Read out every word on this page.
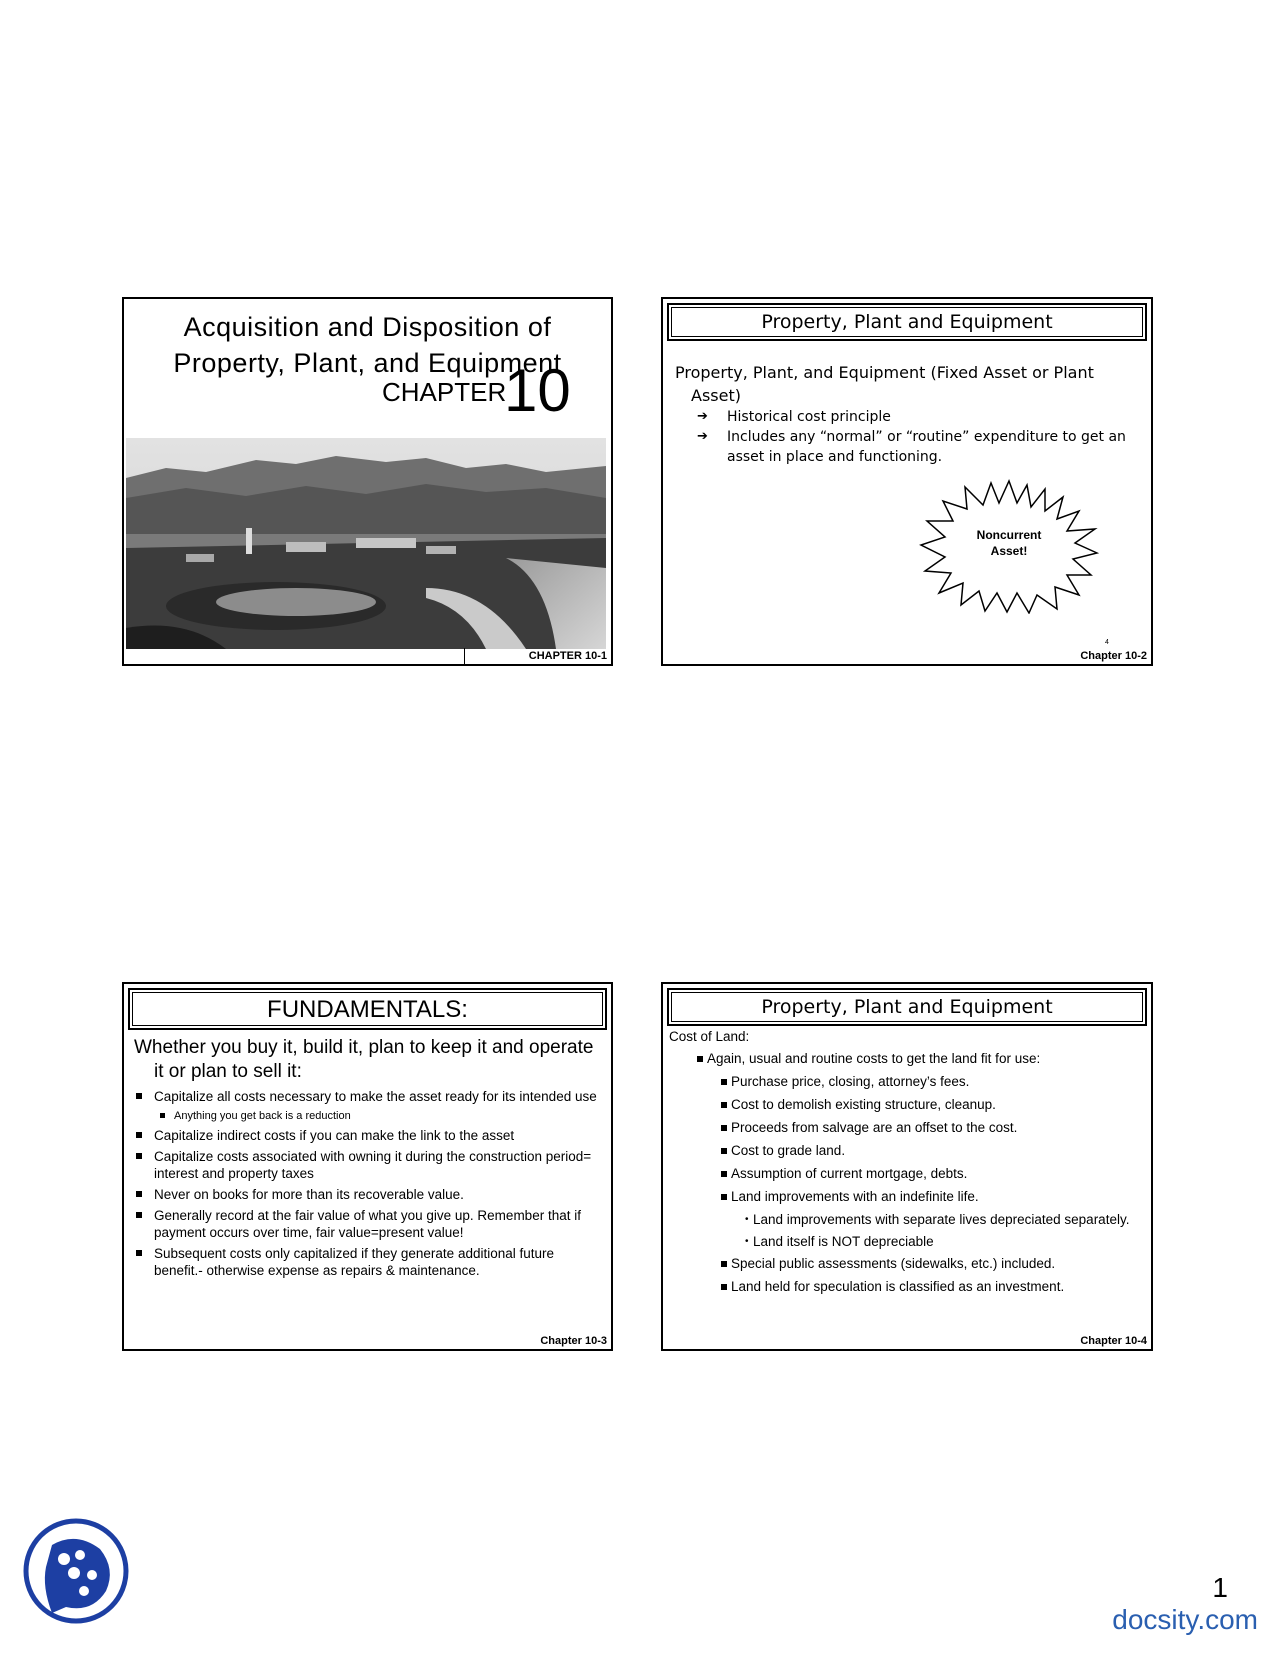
Acquisition and Disposition of
Property, Plant, and Equipment
CHAPTER
10
CHAPTER 10-1
Property, Plant and Equipment
Property, Plant, and Equipment (Fixed Asset or Plant Asset)
➔ Historical cost principle
➔ Includes any “normal” or “routine” expenditure to get an asset in place and functioning.
Noncurrent
Asset!
4
Chapter 10-2
FUNDAMENTALS:
Whether you buy it, build it, plan to keep it and operate it or plan to sell it:
Capitalize all costs necessary to make the asset ready for its intended use
Anything you get back is a reduction
Capitalize indirect costs if you can make the link to the asset
Capitalize costs associated with owning it during the construction period= interest and property taxes
Never on books for more than its recoverable value.
Generally record at the fair value of what you give up. Remember that if payment occurs over time, fair value=present value!
Subsequent costs only capitalized if they generate additional future benefit.- otherwise expense as repairs & maintenance.
Chapter 10-3
Property, Plant and Equipment
Cost of Land:
Again, usual and routine costs to get the land fit for use:
Purchase price, closing, attorney’s fees.
Cost to demolish existing structure, cleanup.
Proceeds from salvage are an offset to the cost.
Cost to grade land.
Assumption of current mortgage, debts.
Land improvements with an indefinite life.
• Land improvements with separate lives depreciated separately.
• Land itself is NOT depreciable
Special public assessments (sidewalks, etc.) included.
Land held for speculation is classified as an investment.
Chapter 10-4
1
docsity.com
